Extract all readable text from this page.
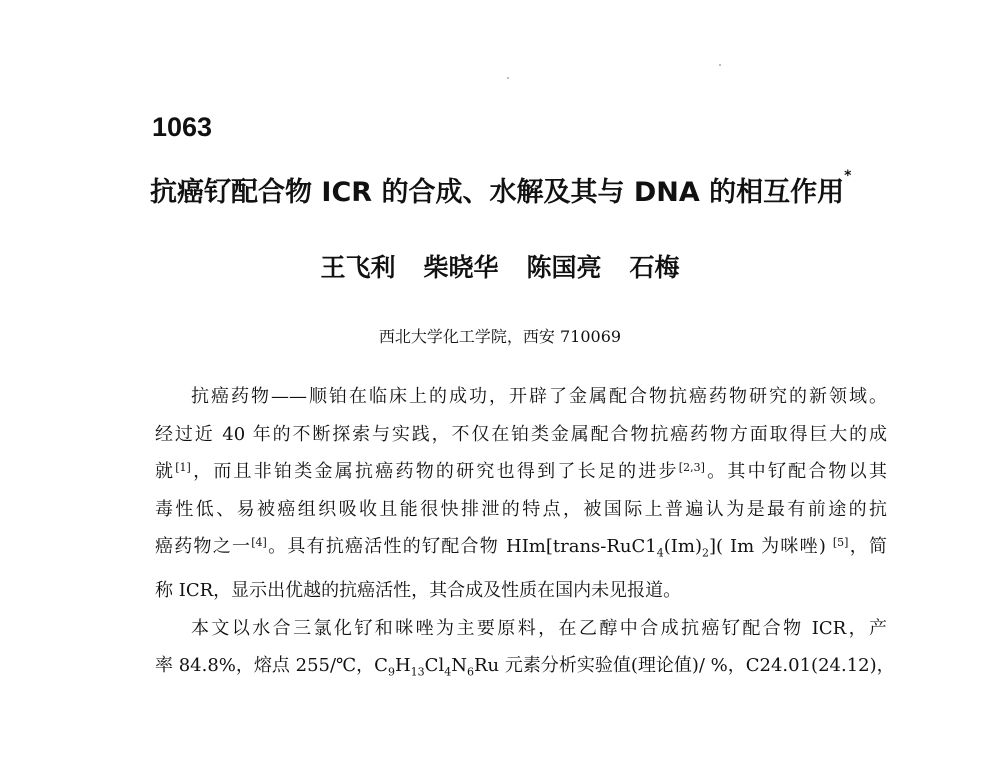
1063
抗癌钌配合物 ICR 的合成、水解及其与 DNA 的相互作用*
王飞利 柴晓华 陈国亮 石梅
西北大学化工学院，西安 710069
抗癌药物——顺铂在临床上的成功，开辟了金属配合物抗癌药物研究的新领域。
经过近 40 年的不断探索与实践，不仅在铂类金属配合物抗癌药物方面取得巨大的成
就[1]，而且非铂类金属抗癌药物的研究也得到了长足的进步[2,3]。其中钌配合物以其
毒性低、易被癌组织吸收且能很快排泄的特点，被国际上普遍认为是最有前途的抗
癌药物之一[4]。具有抗癌活性的钌配合物 $HIm[trans-RuC1_4(Im)_2]$( Im 为咪唑) [5]，简
称 ICR，显示出优越的抗癌活性，其合成及性质在国内未见报道。
本文以水合三氯化钌和咪唑为主要原料，在乙醇中合成抗癌钌配合物 ICR，产
率 84.8%，熔点 255/℃，$C_9H_{13}Cl_4N_6Ru$ 元素分析实验值(理论值)/ %，C24.01(24.12)，
